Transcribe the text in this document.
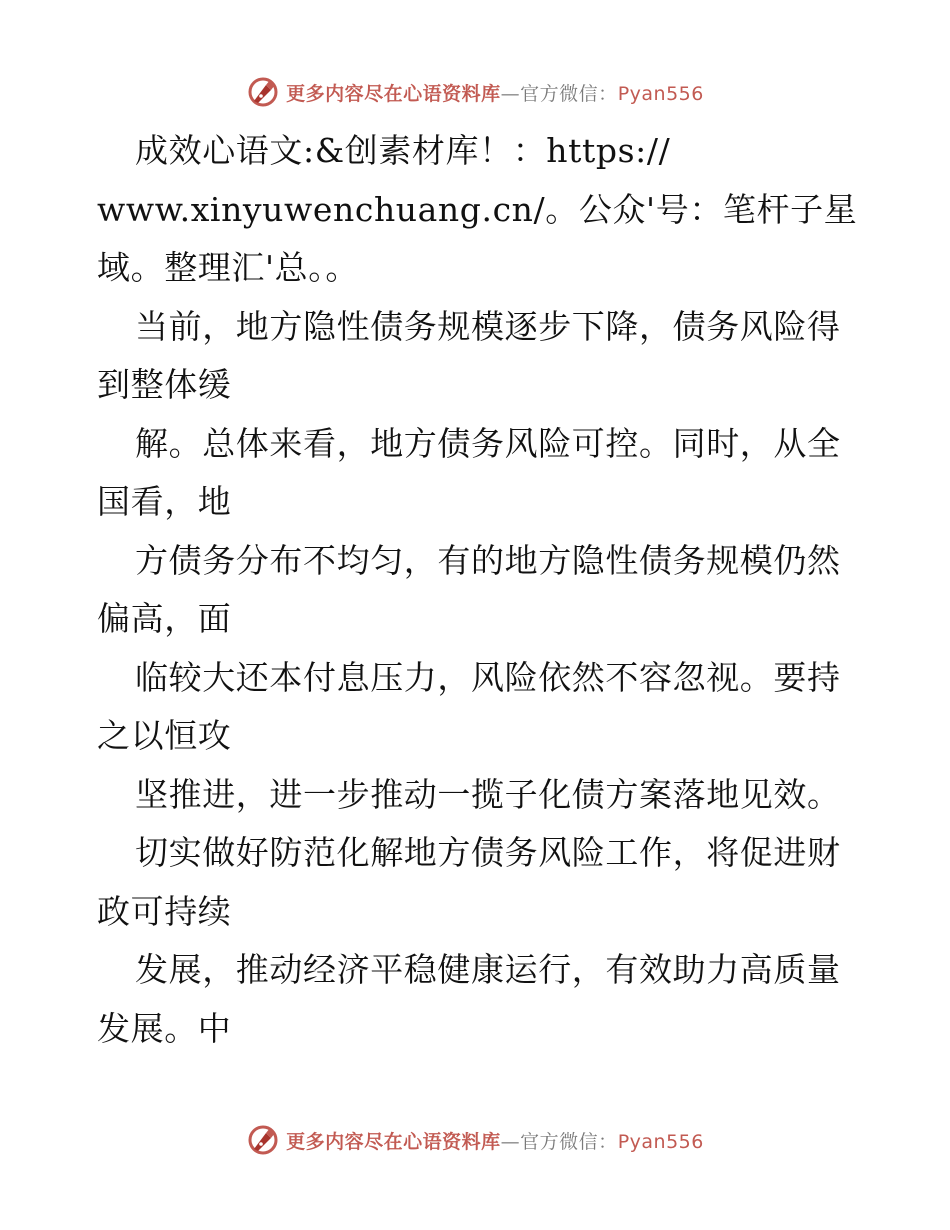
更多内容尽在心语资料库—官方微信：Pyan556
成效心语文:&创素材库！：https://
www.xinyuwenchuang.cn/。公众'号：笔杆子星
域。整理汇'总。。
当前，地方隐性债务规模逐步下降，债务风险得
到整体缓
解。总体来看，地方债务风险可控。同时，从全
国看，地
方债务分布不均匀，有的地方隐性债务规模仍然
偏高，面
临较大还本付息压力，风险依然不容忽视。要持
之以恒攻
坚推进，进一步推动一揽子化债方案落地见效。
切实做好防范化解地方债务风险工作，将促进财
政可持续
发展，推动经济平稳健康运行，有效助力高质量
发展。中
更多内容尽在心语资料库—官方微信：Pyan556
